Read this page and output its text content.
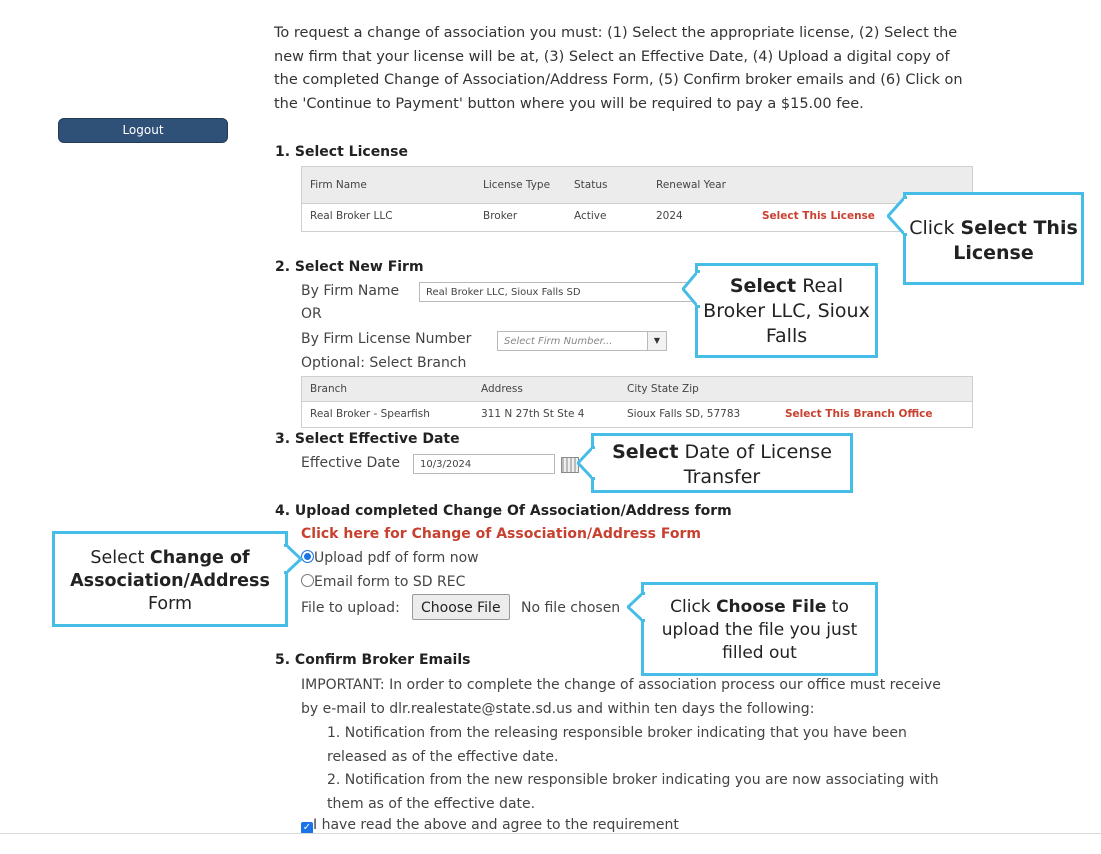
Logout
To request a change of association you must: (1) Select the appropriate license, (2) Select the new firm that your license will be at, (3) Select an Effective Date, (4) Upload a digital copy of the completed Change of Association/Address Form, (5) Confirm broker emails and (6) Click on the 'Continue to Payment' button where you will be required to pay a $15.00 fee.
1. Select License
Firm Name	License Type	Status	Renewal Year	
Real Broker LLC	Broker	Active	2024	Select This License
2. Select New Firm
By Firm Name	Real Broker LLC, Sioux Falls SD
OR
By Firm License Number	Select Firm Number...	▼
Optional: Select Branch
Branch	Address	City State Zip	
Real Broker - Spearfish	311 N 27th St Ste 4	Sioux Falls SD, 57783	Select This Branch Office
3. Select Effective Date
Effective Date	10/3/2024
4. Upload completed Change Of Association/Address form
Click here for Change of Association/Address Form
Upload pdf of form now
Email form to SD REC
File to upload:	Choose File	No file chosen
5. Confirm Broker Emails
IMPORTANT: In order to complete the change of association process our office must receive by e-mail to dlr.realestate@state.sd.us and within ten days the following:
1. Notification from the releasing responsible broker indicating that you have been released as of the effective date.
2. Notification from the new responsible broker indicating you are now associating with them as of the effective date.
✓ I have read the above and agree to the requirement
Click Select This License
Select Real Broker LLC, Sioux Falls
Select Date of License Transfer
Select Change of Association/Address Form	Click Choose File to upload the file you just filled out
